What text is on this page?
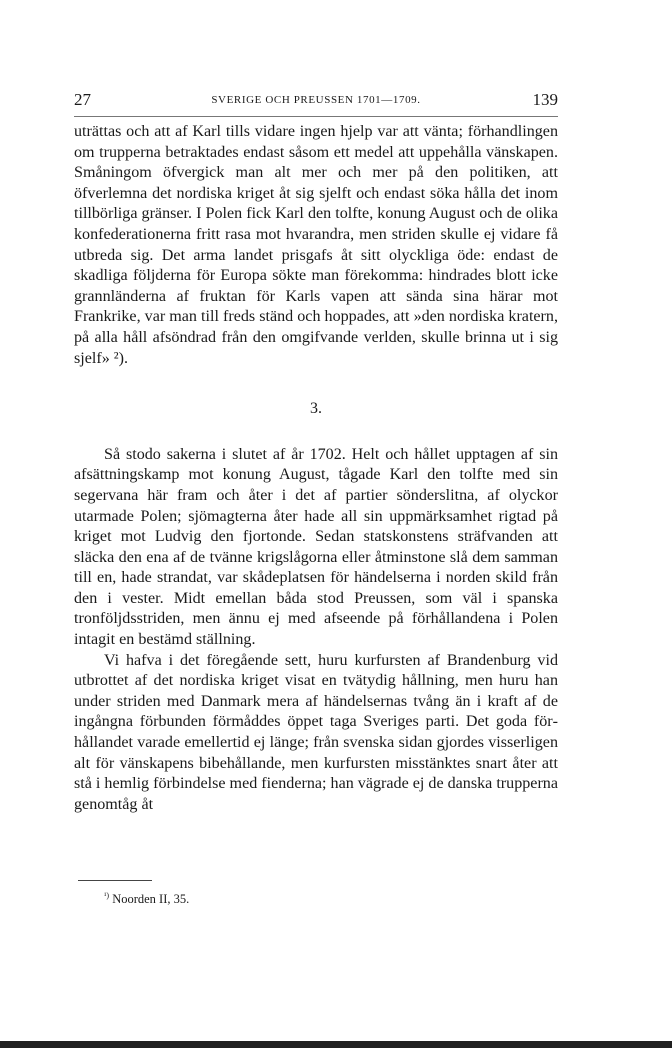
27	SVERIGE OCH PREUSSEN 1701—1709.	139

uträttas och att af Karl tills vidare ingen hjelp var att vänta; förhandlingen om trupperna betraktades endast såsom ett medel att uppehålla vänskapen. Småningom öfvergick man alt mer och mer på den politiken, att öfverlemna det nordiska kriget åt sig sjelft och endast söka hålla det inom tillbörliga gränser. I Polen fick Karl den tolfte, konung August och de olika konfederationerna fritt rasa mot hvarandra, men striden skulle ej vidare få utbreda sig. Det arma landet prisgafs åt sitt olyckliga öde: endast de skadliga följderna för Europa sökte man förekomma: hindrades blott icke grannländerna af fruktan för Karls vapen att sända sina härar mot Frankrike, var man till freds ständ och hoppades, att »den nordiska kratern, på alla håll afsöndrad från den omgifvande verlden, skulle brinna ut i sig sjelf» ²).

3.

Så stodo sakerna i slutet af år 1702. Helt och hållet upptagen af sin afsättningskamp mot konung August, tågade Karl den tolfte med sin segervana här fram och åter i det af partier sönderslitna, af olyckor utarmade Polen; sjömagterna åter hade all sin uppmärksamhet rigtad på kriget mot Ludvig den fjortonde. Sedan statskonstens sträfvanden att släcka den ena af de tvänne krigslågorna eller åtminstone slå dem samman till en, hade strandat, var skådeplatsen för händelserna i norden skild från den i vester. Midt emellan båda stod Preussen, som väl i spanska tronföljdsstriden, men ännu ej med afseende på förhållandena i Polen intagit en bestämd ställning.

Vi hafva i det föregående sett, huru kurfursten af Brandenburg vid utbrottet af det nordiska kriget visat en tvätydig hållning, men huru han under striden med Danmark mera af händelsernas tvång än i kraft af de ingångna förbunden förmåddes öppet taga Sveriges parti. Det goda förhållandet varade emellertid ej länge; från svenska sidan gjordes visserligen alt för vänskapens bibehållande, men kurfursten misstänktes snart åter att stå i hemlig förbindelse med fienderna; han vägrade ej de danska trupperna genomtåg åt

$^{^1)}$ Noorden II, 35.
